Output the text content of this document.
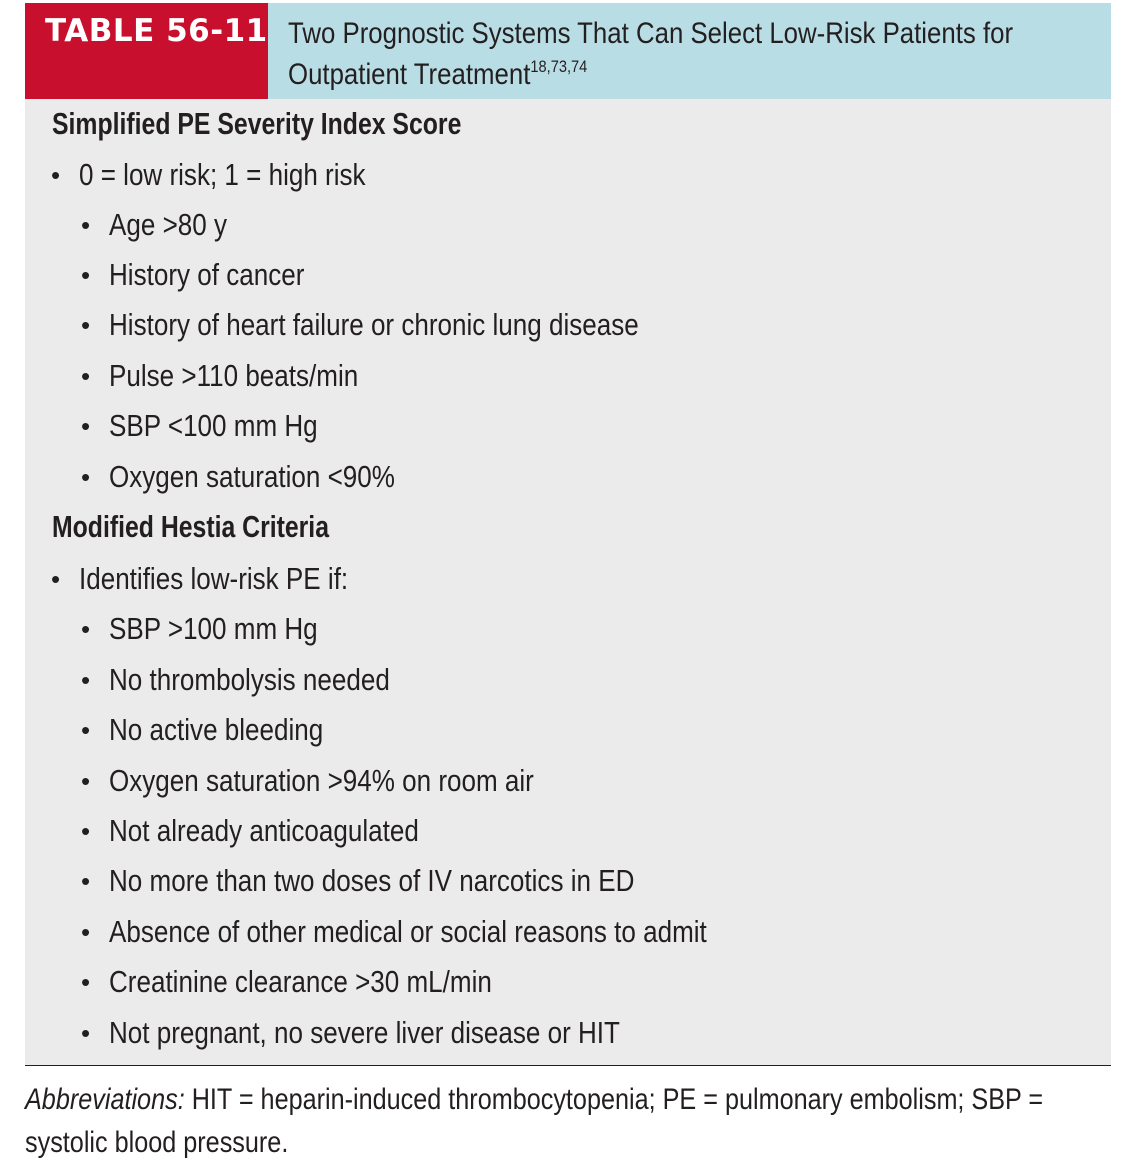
TABLE 56-11 Two Prognostic Systems That Can Select Low-Risk Patients for Outpatient Treatment$^{18,73,74}$
Simplified PE Severity Index Score
• 0 = low risk; 1 = high risk
• Age >80 y
• History of cancer
• History of heart failure or chronic lung disease
• Pulse >110 beats/min
• SBP <100 mm Hg
• Oxygen saturation <90%
Modified Hestia Criteria
• Identifies low-risk PE if:
• SBP >100 mm Hg
• No thrombolysis needed
• No active bleeding
• Oxygen saturation >94% on room air
• Not already anticoagulated
• No more than two doses of IV narcotics in ED
• Absence of other medical or social reasons to admit
• Creatinine clearance >30 mL/min
• Not pregnant, no severe liver disease or HIT
Abbreviations: HIT = heparin-induced thrombocytopenia; PE = pulmonary embolism; SBP = systolic blood pressure.
